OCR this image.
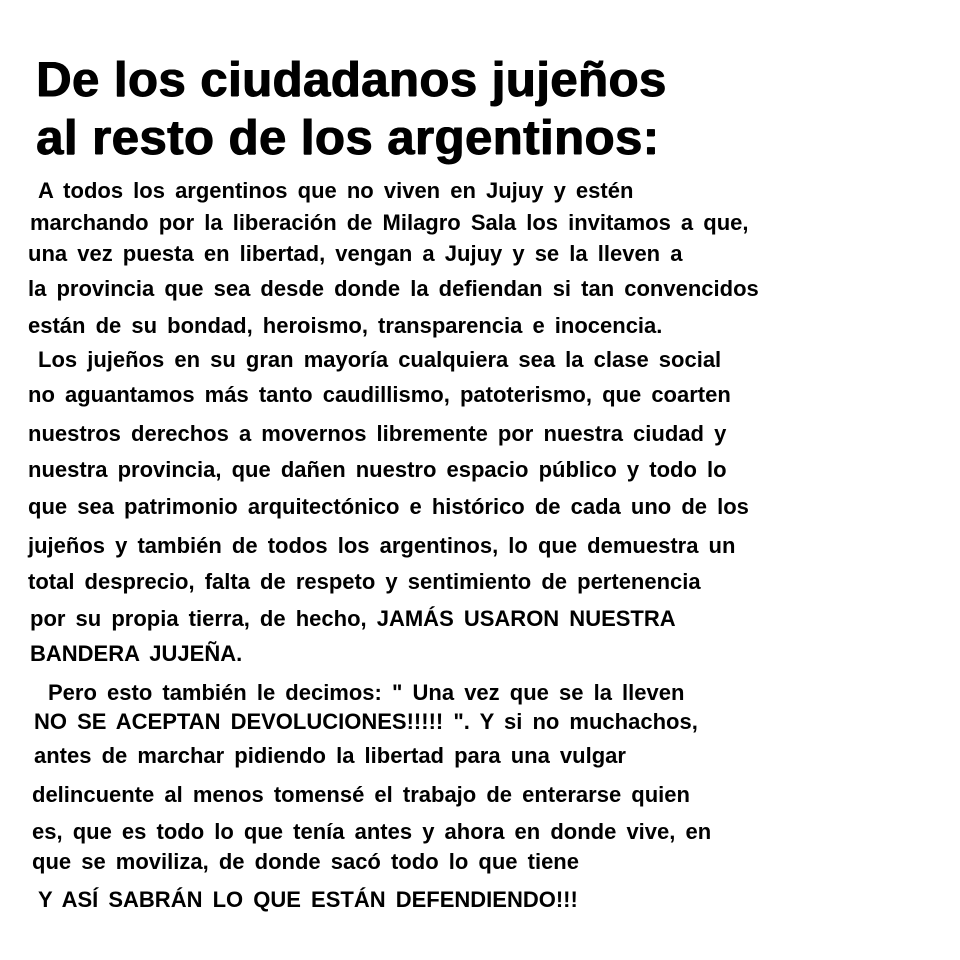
De los ciudadanos jujeños
al resto de los argentinos:

A todos los argentinos que no viven en Jujuy y estén

marchando por la liberación de Milagro Sala los invitamos a que,

una vez puesta en libertad, vengan a Jujuy y se la lleven a

la provincia que sea desde donde la defiendan si tan convencidos

están de su bondad, heroismo, transparencia e inocencia.

Los jujeños en su gran mayoría cualquiera sea la clase social

no aguantamos más tanto caudillismo, patoterismo, que coarten

nuestros derechos a movernos libremente por nuestra ciudad y

nuestra provincia, que dañen nuestro espacio público y todo lo

que sea patrimonio arquitectónico e histórico de cada uno de los

jujeños y también de todos los argentinos, lo que demuestra un

total desprecio, falta de respeto y sentimiento de pertenencia

por su propia tierra, de hecho, JAMÁS USARON NUESTRA

BANDERA JUJEÑA.

Pero esto también le decimos: " Una vez que se la lleven

NO SE ACEPTAN DEVOLUCIONES!!!!! ". Y si no muchachos,

antes de marchar pidiendo la libertad para una vulgar

delincuente al menos tomensé el trabajo de enterarse quien

es, que es todo lo que tenía antes y ahora en donde vive, en

que se moviliza, de donde sacó todo lo que tiene

Y ASÍ SABRÁN LO QUE ESTÁN DEFENDIENDO!!!
